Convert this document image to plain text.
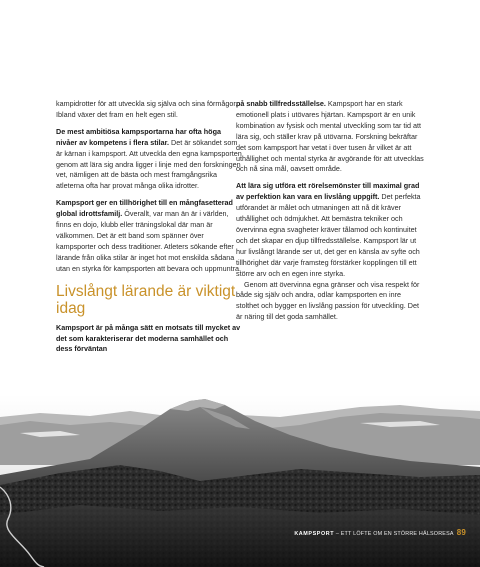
kampidrotter för att utveckla sig själva och sina förmågor. Ibland växer det fram en helt egen stil.

De mest ambitiösa kampsportarna har ofta höga nivåer av kompetens i flera stilar. Det är sökandet som är kärnan i kampsport. Att utveckla den egna kampsporten genom att lära sig andra ligger i linje med den forskningen vet, nämligen att de bästa och mest framgångsrika atleterna ofta har provat många olika idrotter.

Kampsport ger en tillhörighet till en mångfasetterad global idrottsfamilj. Överallt, var man än är i världen, finns en dojo, klubb eller träningslokal där man är välkommen. Det är ett band som spänner över kampsporter och dess traditioner. Atleters sökande efter lärande från olika stilar är inget hot mot enskilda sådana utan en styrka för kampsporten att bevara och uppmuntra.

Livslångt lärande är viktigt idag

Kampsport är på många sätt en motsats till mycket av det som karakteriserar det moderna samhället och dess förväntan

på snabb tillfredsställelse. Kampsport har en stark emotionell plats i utövares hjärtan. Kampsport är en unik kombination av fysisk och mental utveckling som tar tid att lära sig, och ställer krav på utövarna. Forskning bekräftar det som kampsport har vetat i över tusen år vilket är att uthållighet och mental styrka är avgörande för att utvecklas och nå sina mål, oavsett område.

Att lära sig utföra ett rörelsemönster till maximal grad av perfektion kan vara en livslång uppgift. Det perfekta utförandet är målet och utmaningen att nå dit kräver uthållighet och ödmjukhet. Att bemästra tekniker och övervinna egna svagheter kräver tålamod och kontinuitet och det skapar en djup tillfredsställelse. Kampsport lär ut hur livslångt lärande ser ut, det ger en känsla av syfte och tillhörighet där varje framsteg förstärker kopplingen till ett större arv och en egen inre styrka.

Genom att övervinna egna gränser och visa respekt för både sig själv och andra, odlar kampsporten en inre stolthet och bygger en livslång passion för utveckling. Det är näring till det goda samhället.

KAMPSPORT – ETT LÖFTE OM EN STÖRRE HÄLSORESA 89
